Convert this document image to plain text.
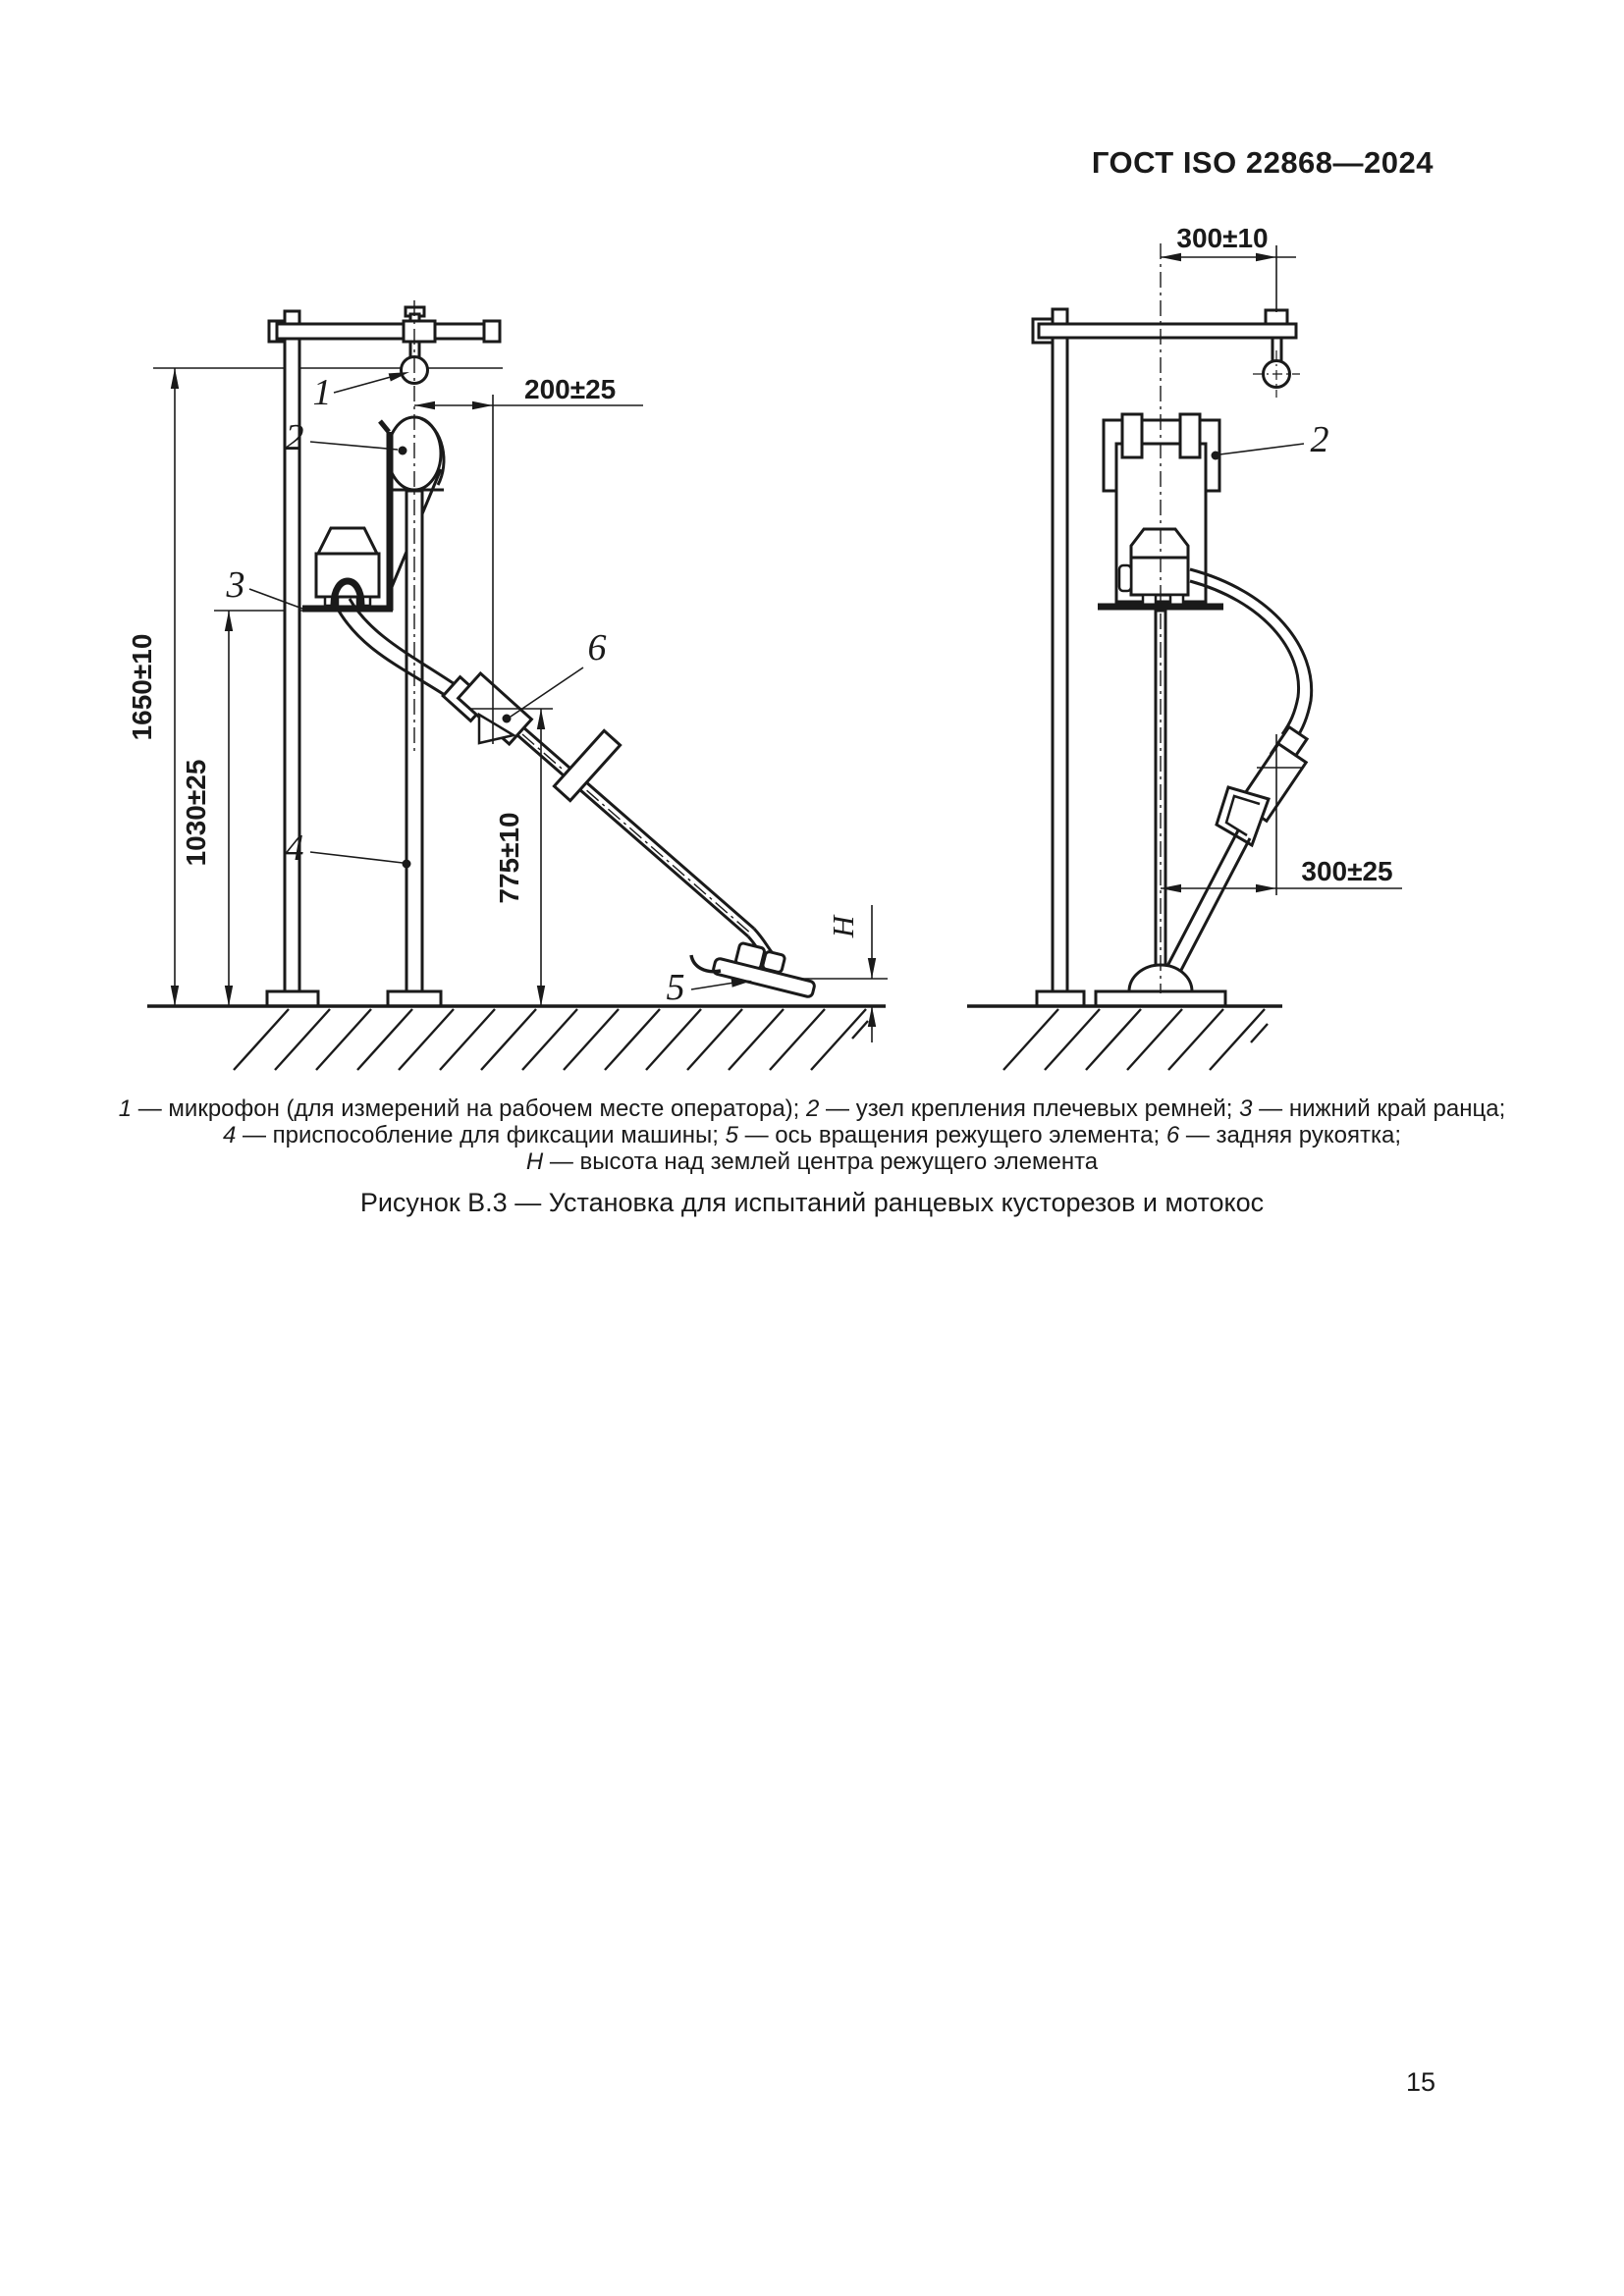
ГОСТ ISO 22868—2024
1650±10
1030±25
200±25
775±10
H
1
2
3
4
5
6
300±10
300±25
2
1 — микрофон (для измерений на рабочем месте оператора); 2 — узел крепления плечевых ремней; 3 — нижний край ранца;
4 — приспособление для фиксации машины; 5 — ось вращения режущего элемента; 6 — задняя рукоятка;
H — высота над землей центра режущего элемента
Рисунок В.3 — Установка для испытаний ранцевых кусторезов и мотокос
15
